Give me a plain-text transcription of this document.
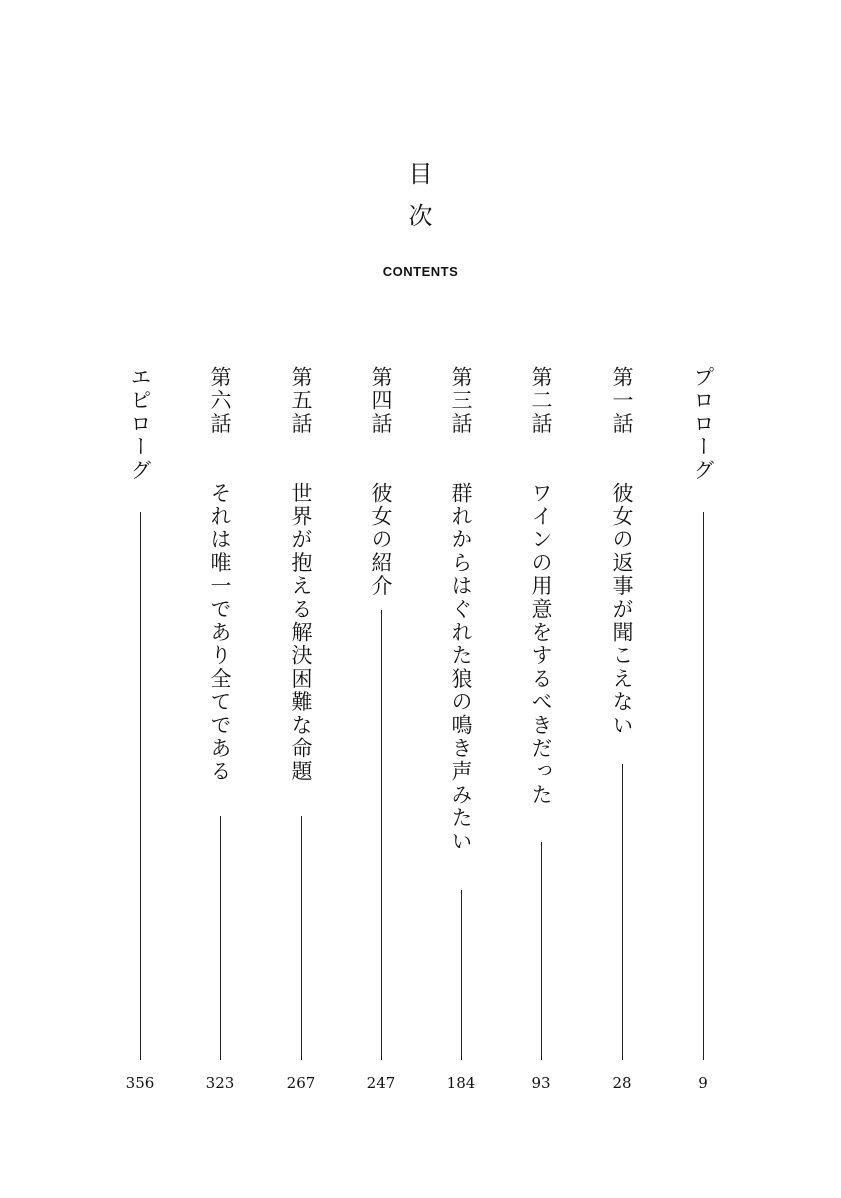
目
次
CONTENTS
プロローグ
9
第一話 彼女の返事が聞こえない
28
第二話 ワインの用意をするべきだった
93
第三話 群れからはぐれた狼の鳴き声みたい
184
第四話 彼女の紹介
247
第五話 世界が抱える解決困難な命題
267
第六話 それは唯一であり全てである
323
エピローグ
356
